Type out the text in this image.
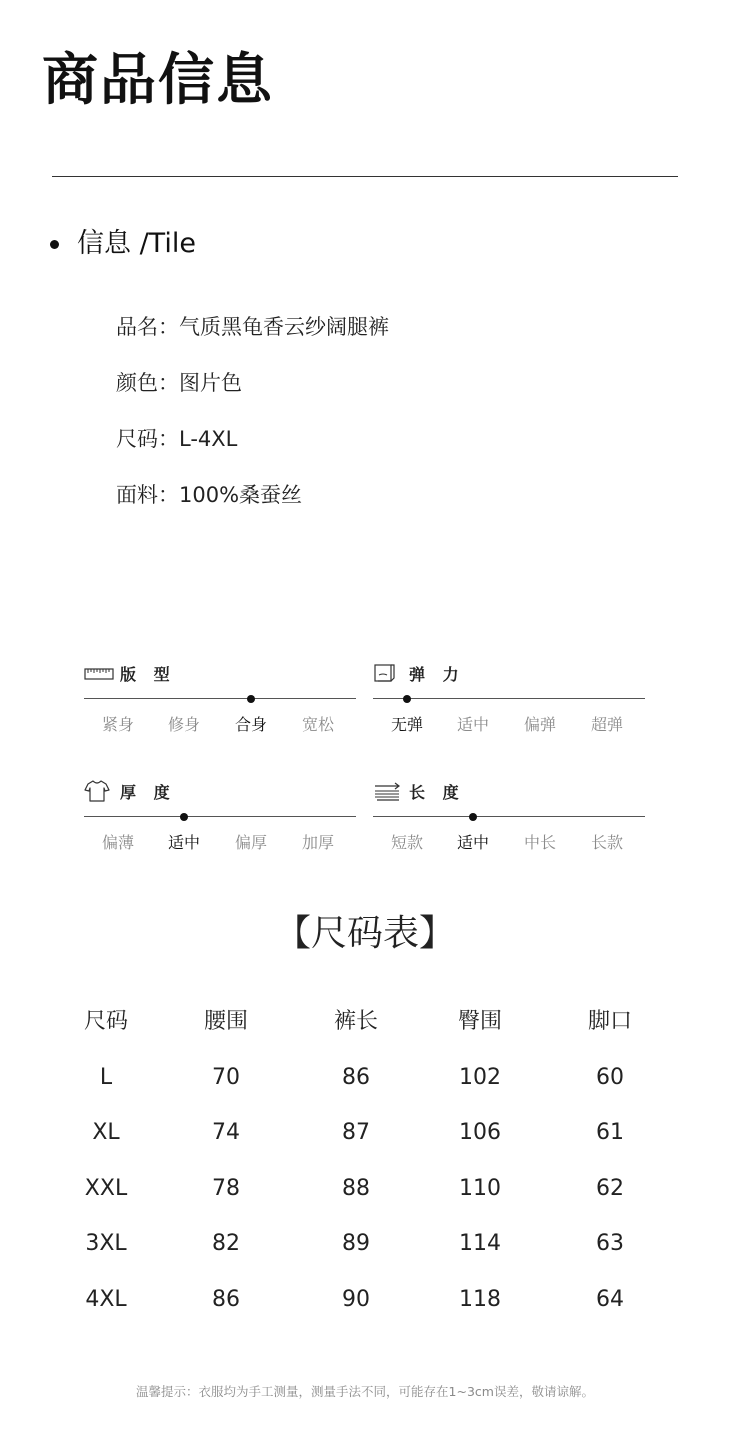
商品信息
信息 /Tile
品名：气质黑龟香云纱阔腿裤
颜色：图片色
尺码：L-4XL
面料：100%桑蚕丝
版 型
紧身	修身	合身	宽松
弹 力
无弹	适中	偏弹	超弹
厚 度
偏薄	适中	偏厚	加厚
长 度
短款	适中	中长	长款
【尺码表】
尺码	腰围	裤长	臀围	脚口
L	70	86	102	60
XL	74	87	106	61
XXL	78	88	110	62
3XL	82	89	114	63
4XL	86	90	118	64
温馨提示：衣服均为手工测量，测量手法不同，可能存在1~3cm误差，敬请谅解。
